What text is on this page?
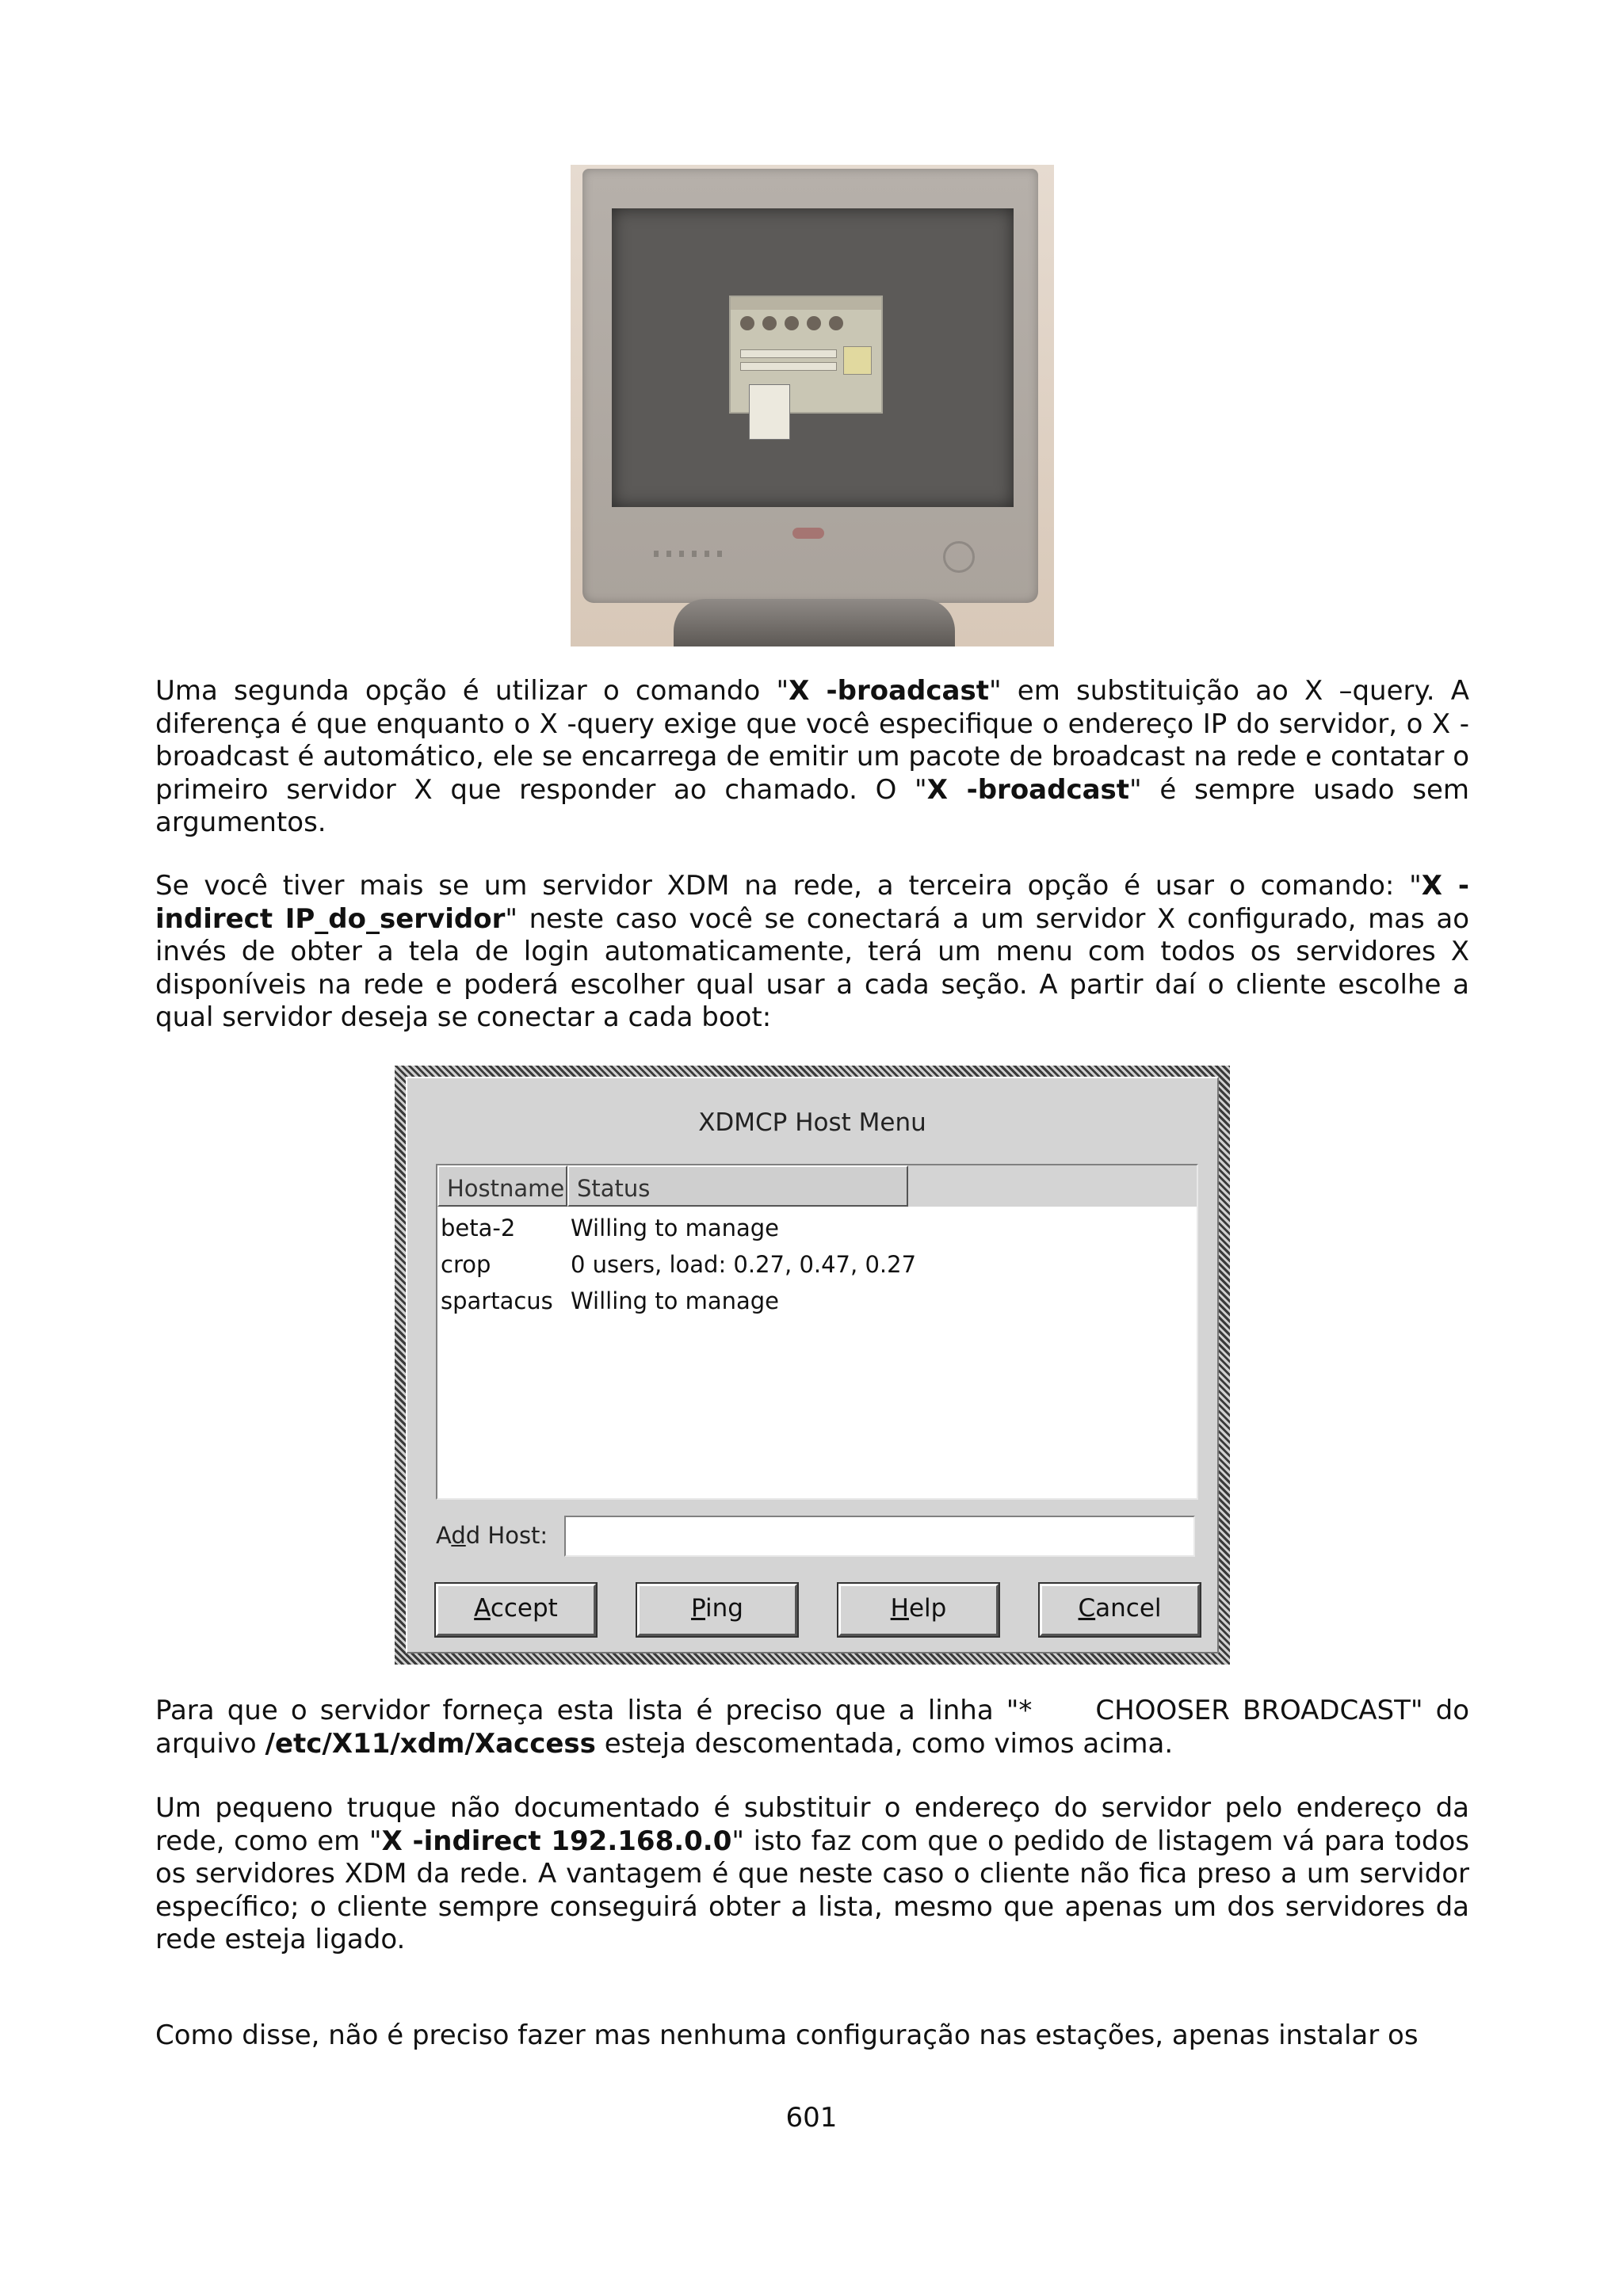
Uma segunda opção é utilizar o comando "X -broadcast" em substituição ao X –query. A diferença é que enquanto o X -query exige que você especifique o endereço IP do servidor, o X -broadcast é automático, ele se encarrega de emitir um pacote de broadcast na rede e contatar o primeiro servidor X que responder ao chamado. O "X -broadcast" é sempre usado sem argumentos.

Se você tiver mais se um servidor XDM na rede, a terceira opção é usar o comando: "X -indirect IP_do_servidor" neste caso você se conectará a um servidor X configurado, mas ao invés de obter a tela de login automaticamente, terá um menu com todos os servidores X disponíveis na rede e poderá escolher qual usar a cada seção. A partir daí o cliente escolhe a qual servidor deseja se conectar a cada boot:

XDMCP Host Menu
Hostname Status
beta-2 Willing to manage
crop	0 users, load: 0.27, 0.47, 0.27
spartacus Willing to manage
Add Host:
Accept	Ping	Help	Cancel

Para que o servidor forneça esta lista é preciso que a linha "* CHOOSER BROADCAST" do arquivo /etc/X11/xdm/Xaccess esteja descomentada, como vimos acima.

Um pequeno truque não documentado é substituir o endereço do servidor pelo endereço da rede, como em "X -indirect 192.168.0.0" isto faz com que o pedido de listagem vá para todos os servidores XDM da rede. A vantagem é que neste caso o cliente não fica preso a um servidor específico; o cliente sempre conseguirá obter a lista, mesmo que apenas um dos servidores da rede esteja ligado.

Como disse, não é preciso fazer mas nenhuma configuração nas estações, apenas instalar os

601
